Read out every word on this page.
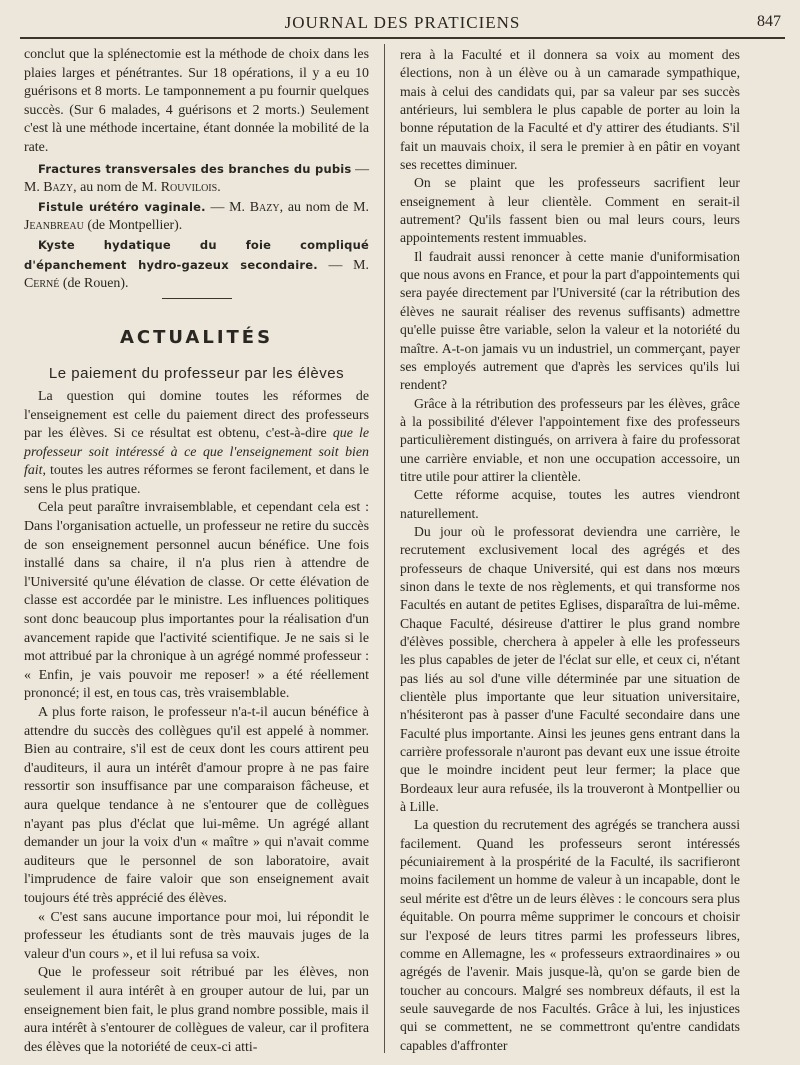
JOURNAL DES PRATICIENS	847

conclut que la splénectomie est la méthode de choix dans les plaies larges et pénétrantes. Sur 18 opérations, il y a eu 10 guérisons et 8 morts. Le tamponnement a pu fournir quelques succès. (Sur 6 malades, 4 guérisons et 2 morts.) Seulement c'est là une méthode incertaine, étant donnée la mobilité de la rate.

Fractures transversales des branches du pubis — M. Bazy, au nom de M. Rouvilois.

Fistule urétéro vaginale. — M. Bazy, au nom de M. Jeanbreau (de Montpellier).

Kyste hydatique du foie compliqué d'épanchement hydro-gazeux secondaire. — M. Cerné (de Rouen).

ACTUALITÉS
Le paiement du professeur par les élèves

La question qui domine toutes les réformes de l'enseignement est celle du paiement direct des professeurs par les élèves. Si ce résultat est obtenu, c'est-à-dire que le professeur soit intéressé à ce que l'enseignement soit bien fait, toutes les autres réformes se feront facilement, et dans le sens le plus pratique.

Cela peut paraître invraisemblable, et cependant cela est : Dans l'organisation actuelle, un professeur ne retire du succès de son enseignement personnel aucun bénéfice. Une fois installé dans sa chaire, il n'a plus rien à attendre de l'Université qu'une élévation de classe. Or cette élévation de classe est accordée par le ministre. Les influences politiques sont donc beaucoup plus importantes pour la réalisation d'un avancement rapide que l'activité scientifique. Je ne sais si le mot attribué par la chronique à un agrégé nommé professeur : « Enfin, je vais pouvoir me reposer! » a été réellement prononcé; il est, en tous cas, très vraisemblable.

A plus forte raison, le professeur n'a-t-il aucun bénéfice à attendre du succès des collègues qu'il est appelé à nommer. Bien au contraire, s'il est de ceux dont les cours attirent peu d'auditeurs, il aura un intérêt d'amour propre à ne pas faire ressortir son insuffisance par une comparaison fâcheuse, et aura quelque tendance à ne s'entourer que de collègues n'ayant pas plus d'éclat que lui-même. Un agrégé allant demander un jour la voix d'un « maître » qui n'avait comme auditeurs que le personnel de son laboratoire, avait l'imprudence de faire valoir que son enseignement avait toujours été très apprécié des élèves.

« C'est sans aucune importance pour moi, lui répondit le professeur les étudiants sont de très mauvais juges de la valeur d'un cours », et il lui refusa sa voix.

Que le professeur soit rétribué par les élèves, non seulement il aura intérêt à en grouper autour de lui, par un enseignement bien fait, le plus grand nombre possible, mais il aura intérêt à s'entourer de collègues de valeur, car il profitera des élèves que la notoriété de ceux-ci atti-

rera à la Faculté et il donnera sa voix au moment des élections, non à un élève ou à un camarade sympathique, mais à celui des candidats qui, par sa valeur par ses succès antérieurs, lui semblera le plus capable de porter au loin la bonne réputation de la Faculté et d'y attirer des étudiants. S'il fait un mauvais choix, il sera le premier à en pâtir en voyant ses recettes diminuer.

On se plaint que les professeurs sacrifient leur enseignement à leur clientèle. Comment en serait-il autrement? Qu'ils fassent bien ou mal leurs cours, leurs appointements restent immuables.

Il faudrait aussi renoncer à cette manie d'uniformisation que nous avons en France, et pour la part d'appointements qui sera payée directement par l'Université (car la rétribution des élèves ne saurait réaliser des revenus suffisants) admettre qu'elle puisse être variable, selon la valeur et la notoriété du maître. A-t-on jamais vu un industriel, un commerçant, payer ses employés autrement que d'après les services qu'ils lui rendent?

Grâce à la rétribution des professeurs par les élèves, grâce à la possibilité d'élever l'appointement fixe des professeurs particulièrement distingués, on arrivera à faire du professorat une carrière enviable, et non une occupation accessoire, un titre utile pour attirer la clientèle.

Cette réforme acquise, toutes les autres viendront naturellement.

Du jour où le professorat deviendra une carrière, le recrutement exclusivement local des agrégés et des professeurs de chaque Université, qui est dans nos mœurs sinon dans le texte de nos règlements, et qui transforme nos Facultés en autant de petites Eglises, disparaîtra de lui-même. Chaque Faculté, désireuse d'attirer le plus grand nombre d'élèves possible, cherchera à appeler à elle les professeurs les plus capables de jeter de l'éclat sur elle, et ceux ci, n'étant pas liés au sol d'une ville déterminée par une situation de clientèle plus importante que leur situation universitaire, n'hésiteront pas à passer d'une Faculté secondaire dans une Faculté plus importante. Ainsi les jeunes gens entrant dans la carrière professorale n'auront pas devant eux une issue étroite que le moindre incident peut leur fermer; la place que Bordeaux leur aura refusée, ils la trouveront à Montpellier ou à Lille.

La question du recrutement des agrégés se tranchera aussi facilement. Quand les professeurs seront intéressés pécuniairement à la prospérité de la Faculté, ils sacrifieront moins facilement un homme de valeur à un incapable, dont le seul mérite est d'être un de leurs élèves : le concours sera plus équitable. On pourra même supprimer le concours et choisir sur l'exposé de leurs titres parmi les professeurs libres, comme en Allemagne, les « professeurs extraordinaires » ou agrégés de l'avenir. Mais jusque-là, qu'on se garde bien de toucher au concours. Malgré ses nombreux défauts, il est la seule sauvegarde de nos Facultés. Grâce à lui, les injustices qui se commettent, ne se commettront qu'entre candidats capables d'affronter
